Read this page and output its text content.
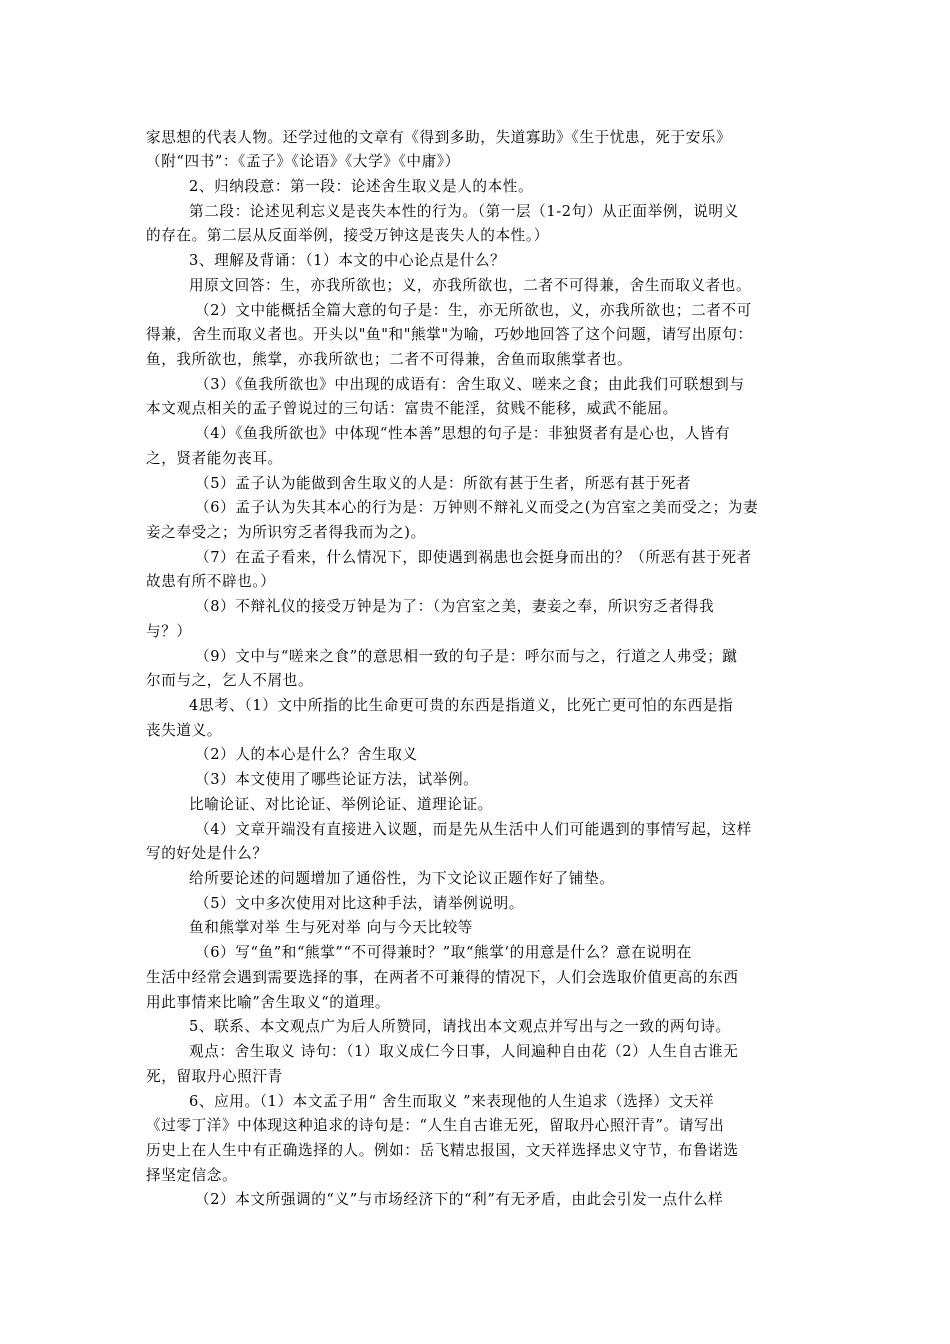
家思想的代表人物。还学过他的文章有《得到多助，失道寡助》《生于忧患，死于安乐》
（附“四书”：《孟子》《论语》《大学》《中庸》）
2、归纳段意：第一段：论述舍生取义是人的本性。
第二段：论述见利忘义是丧失本性的行为。（第一层（1-2句）从正面举例，说明义
的存在。第二层从反面举例，接受万钟这是丧失人的本性。）
3、理解及背诵：（1）本文的中心论点是什么？
用原文回答：生，亦我所欲也；义，亦我所欲也，二者不可得兼，舍生而取义者也。
（2）文中能概括全篇大意的句子是：生，亦无所欲也，义，亦我所欲也；二者不可
得兼，舍生而取义者也。开头以"鱼"和"熊掌"为喻，巧妙地回答了这个问题，请写出原句：
鱼，我所欲也，熊掌，亦我所欲也；二者不可得兼，舍鱼而取熊掌者也。
（3）《鱼我所欲也》中出现的成语有：舍生取义、嗟来之食；由此我们可联想到与
本文观点相关的孟子曾说过的三句话：富贵不能淫，贫贱不能移，威武不能屈。
（4）《鱼我所欲也》中体现“性本善”思想的句子是：非独贤者有是心也，人皆有
之，贤者能勿丧耳。
（5）孟子认为能做到舍生取义的人是：所欲有甚于生者，所恶有甚于死者
（6）孟子认为失其本心的行为是：万钟则不辩礼义而受之(为宫室之美而受之；为妻
妾之奉受之；为所识穷乏者得我而为之)。
（7）在孟子看来，什么情况下，即使遇到祸患也会挺身而出的？（所恶有甚于死者
故患有所不辟也。）
（8）不辩礼仪的接受万钟是为了：（为宫室之美，妻妾之奉，所识穷乏者得我
与？）
（9）文中与“嗟来之食”的意思相一致的句子是：呼尔而与之，行道之人弗受；蹴
尔而与之，乞人不屑也。
4思考、（1）文中所指的比生命更可贵的东西是指道义，比死亡更可怕的东西是指
丧失道义。
（2）人的本心是什么？舍生取义
（3）本文使用了哪些论证方法，试举例。
比喻论证、对比论证、举例论证、道理论证。
（4）文章开端没有直接进入议题，而是先从生活中人们可能遇到的事情写起，这样
写的好处是什么？
给所要论述的问题增加了通俗性，为下文论议正题作好了铺垫。
（5）文中多次使用对比这种手法，请举例说明。
鱼和熊掌对举 生与死对举 向与今天比较等
（6）写“鱼”和“熊掌”“不可得兼时？”取“熊掌‘的用意是什么？意在说明在
生活中经常会遇到需要选择的事，在两者不可兼得的情况下，人们会选取价值更高的东西
用此事情来比喻”舍生取义“的道理。
5、联系、本文观点广为后人所赞同，请找出本文观点并写出与之一致的两句诗。
观点：舍生取义 诗句：（1）取义成仁今日事，人间遍种自由花（2）人生自古谁无
死，留取丹心照汗青
6、应用。（1）本文孟子用“ 舍生而取义 ”来表现他的人生追求（选择）文天祥
《过零丁洋》中体现这种追求的诗句是：“人生自古谁无死，留取丹心照汗青”。请写出
历史上在人生中有正确选择的人。例如：岳飞精忠报国，文天祥选择忠义守节，布鲁诺选
择坚定信念。
（2）本文所强调的“义”与市场经济下的“利”有无矛盾，由此会引发一点什么样
